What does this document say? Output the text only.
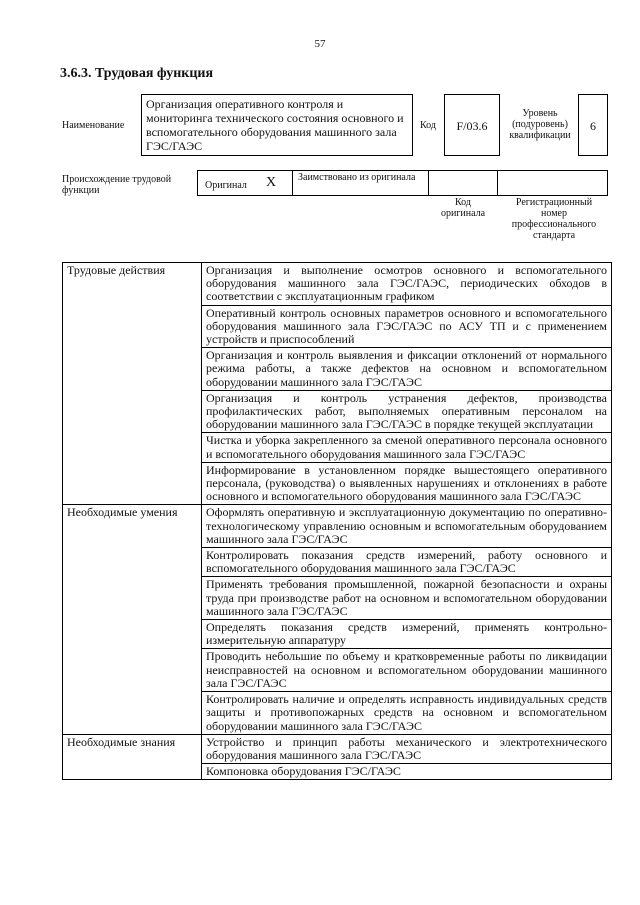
57
3.6.3. Трудовая функция
Наименование
Организация оперативного контроля и мониторинга технического состояния основного и вспомогательного оборудования машинного зала ГЭС/ГАЭС
Код	F/03.6
Уровень (подуровень) квалификации
6
Происхождение трудовой функции	Оригинал X Заимствовано из оригинала
Код оригинала
Регистрационный номер профессионального стандарта
Трудовые действия	Организация и выполнение осмотров основного и вспомогательного оборудования машинного зала ГЭС/ГАЭС, периодических обходов в соответствии с эксплуатационным графиком
	Оперативный контроль основных параметров основного и вспомогательного оборудования машинного зала ГЭС/ГАЭС по АСУ ТП и с применением устройств и приспособлений
	Организация и контроль выявления и фиксации отклонений от нормального режима работы, а также дефектов на основном и вспомогательном оборудовании машинного зала ГЭС/ГАЭС
	Организация и контроль устранения дефектов, производства профилактических работ, выполняемых оперативным персоналом на оборудовании машинного зала ГЭС/ГАЭС в порядке текущей эксплуатации
	Чистка и уборка закрепленного за сменой оперативного персонала основного и вспомогательного оборудования машинного зала ГЭС/ГАЭС
	Информирование в установленном порядке вышестоящего оперативного персонала, (руководства) о выявленных нарушениях и отклонениях в работе основного и вспомогательного оборудования машинного зала ГЭС/ГАЭС
Необходимые умения	Оформлять оперативную и эксплуатационную документацию по оперативно-технологическому управлению основным и вспомогательным оборудованием машинного зала ГЭС/ГАЭС
	Контролировать показания средств измерений, работу основного и вспомогательного оборудования машинного зала ГЭС/ГАЭС
	Применять требования промышленной, пожарной безопасности и охраны труда при производстве работ на основном и вспомогательном оборудовании машинного зала ГЭС/ГАЭС
	Определять показания средств измерений, применять контрольно-измерительную аппаратуру
	Проводить небольшие по объему и кратковременные работы по ликвидации неисправностей на основном и вспомогательном оборудовании машинного зала ГЭС/ГАЭС
	Контролировать наличие и определять исправность индивидуальных средств защиты и противопожарных средств на основном и вспомогательном оборудовании машинного зала ГЭС/ГАЭС
Необходимые знания	Устройство и принцип работы механического и электротехнического оборудования машинного зала ГЭС/ГАЭС
	Компоновка оборудования ГЭС/ГАЭС
